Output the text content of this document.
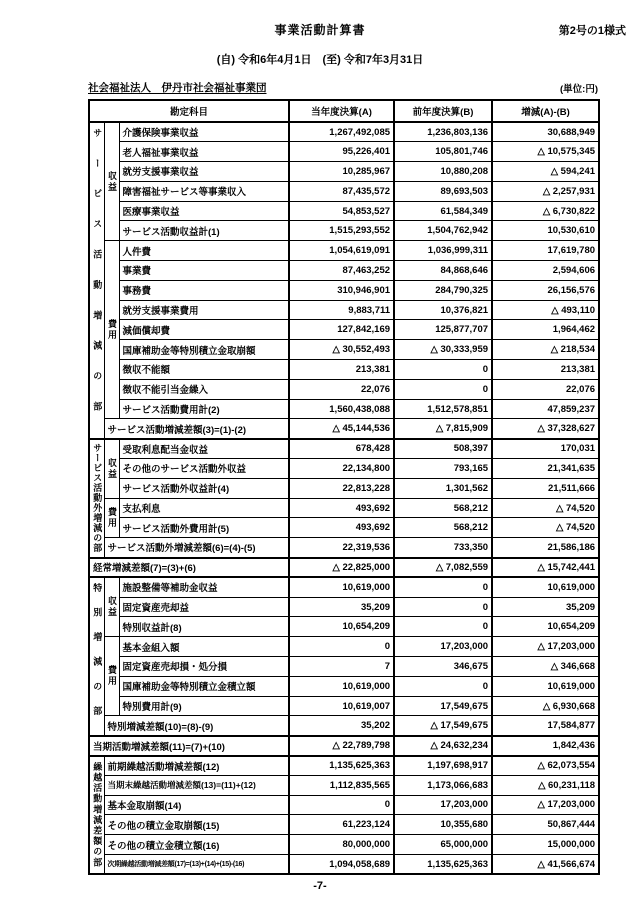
事業活動計算書	第2号の1様式
(自) 令和6年4月1日　(至) 令和7年3月31日
社会福祉法人　伊丹市社会福祉事業団	(単位:円)
勘定科目			当年度決算(A)	前年度決算(B)	増減(A)-(B)
サービス活動増減の部	収益	介護保険事業収益	1,267,492,085	1,236,803,136	30,688,949
		老人福祉事業収益	95,226,401	105,801,746	△ 10,575,345
		就労支援事業収益	10,285,967	10,880,208	△ 594,241
		障害福祉サービス等事業収入	87,435,572	89,693,503	△ 2,257,931
		医療事業収益	54,853,527	61,584,349	△ 6,730,822
		サービス活動収益計(1)	1,515,293,552	1,504,762,942	10,530,610
	費用	人件費	1,054,619,091	1,036,999,311	17,619,780
		事業費	87,463,252	84,868,646	2,594,606
		事務費	310,946,901	284,790,325	26,156,576
		就労支援事業費用	9,883,711	10,376,821	△ 493,110
		減価償却費	127,842,169	125,877,707	1,964,462
		国庫補助金等特別積立金取崩額	△ 30,552,493	△ 30,333,959	△ 218,534
		徴収不能額	213,381	0	213,381
		徴収不能引当金繰入	22,076	0	22,076
		サービス活動費用計(2)	1,560,438,088	1,512,578,851	47,859,237
	サービス活動増減差額(3)=(1)-(2)		△ 45,144,536	△ 7,815,909	△ 37,328,627
サービス活動外増減の部	収益	受取利息配当金収益	678,428	508,397	170,031
		その他のサービス活動外収益	22,134,800	793,165	21,341,635
		サービス活動外収益計(4)	22,813,228	1,301,562	21,511,666
	費用	支払利息	493,692	568,212	△ 74,520
		サービス活動外費用計(5)	493,692	568,212	△ 74,520
	サービス活動外増減差額(6)=(4)-(5)		22,319,536	733,350	21,586,186
経常増減差額(7)=(3)+(6)			△ 22,825,000	△ 7,082,559	△ 15,742,441
特別増減の部	収益	施設整備等補助金収益	10,619,000	0	10,619,000
		固定資産売却益	35,209	0	35,209
		特別収益計(8)	10,654,209	0	10,654,209
	費用	基本金組入額	0	17,203,000	△ 17,203,000
		固定資産売却損・処分損	7	346,675	△ 346,668
		国庫補助金等特別積立金積立額	10,619,000	0	10,619,000
		特別費用計(9)	10,619,007	17,549,675	△ 6,930,668
	特別増減差額(10)=(8)-(9)		35,202	△ 17,549,675	17,584,877
当期活動増減差額(11)=(7)+(10)			△ 22,789,798	△ 24,632,234	1,842,436
繰越活動増減差額の部	前期繰越活動増減差額(12)		1,135,625,363	1,197,698,917	△ 62,073,554
	当期末繰越活動増減差額(13)=(11)+(12)		1,112,835,565	1,173,066,683	△ 60,231,118
	基本金取崩額(14)		0	17,203,000	△ 17,203,000
	その他の積立金取崩額(15)		61,223,124	10,355,680	50,867,444
	その他の積立金積立額(16)		80,000,000	65,000,000	15,000,000
	次期繰越活動増減差額(17)=(13)+(14)+(15)-(16)		1,094,058,689	1,135,625,363	△ 41,566,674
-7-
